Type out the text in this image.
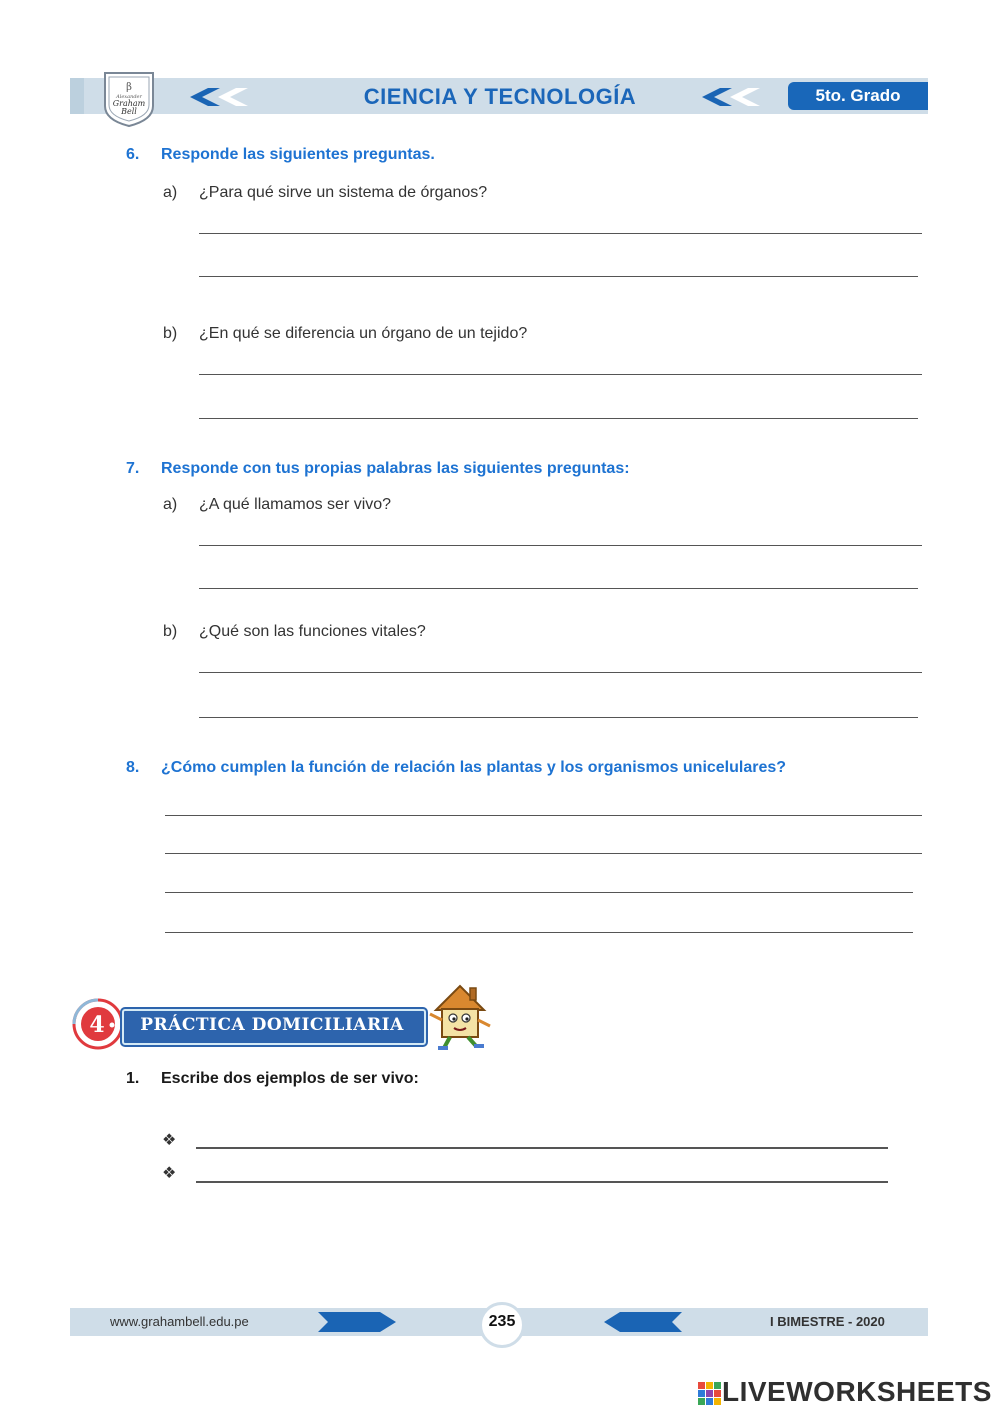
β
Alexander
Graham
Bell
CIENCIA Y TECNOLOGÍA	5to. Grado
6. Responde las siguientes preguntas.
a) ¿Para qué sirve un sistema de órganos?
b) ¿En qué se diferencia un órgano de un tejido?
7. Responde con tus propias palabras las siguientes preguntas:
a) ¿A qué llamamos ser vivo?
b) ¿Qué son las funciones vitales?
8. ¿Cómo cumplen la función de relación las plantas y los organismos unicelulares?
4	PRÁCTICA DOMICILIARIA
1. Escribe dos ejemplos de ser vivo:
❖
❖
www.grahambell.edu.pe	235	I BIMESTRE - 2020
LIVEWORKSHEETS
